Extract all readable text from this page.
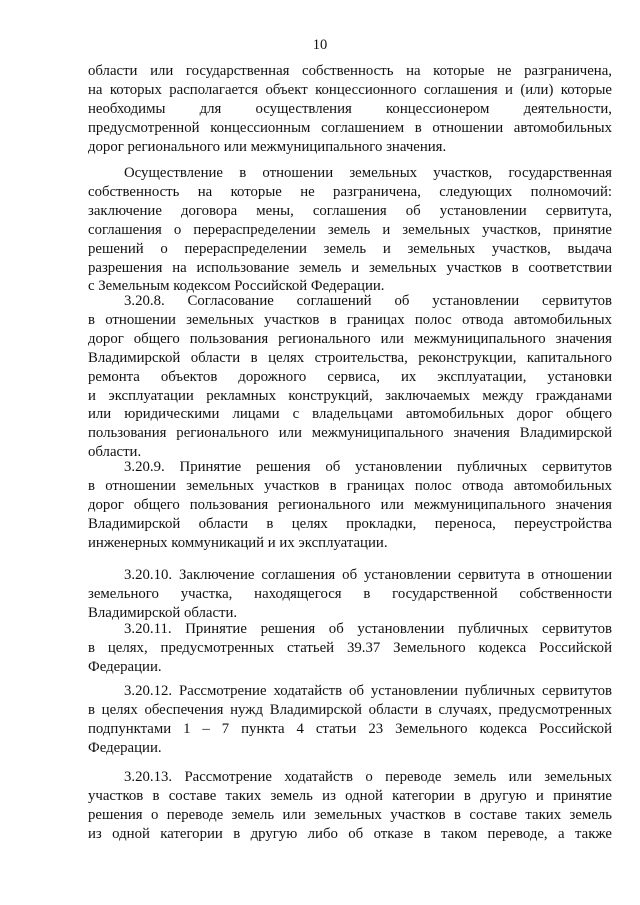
10
области или государственная собственность на которые не разграничена,
на которых располагается объект концессионного соглашения и (или) которые
необходимы для осуществления концессионером деятельности,
предусмотренной концессионным соглашением в отношении автомобильных
дорог регионального или межмуниципального значения.
Осуществление в отношении земельных участков, государственная
собственность на которые не разграничена, следующих полномочий:
заключение договора мены, соглашения об установлении сервитута,
соглашения о перераспределении земель и земельных участков, принятие
решений о перераспределении земель и земельных участков, выдача
разрешения на использование земель и земельных участков в соответствии
с Земельным кодексом Российской Федерации.
3.20.8. Согласование соглашений об установлении сервитутов
в отношении земельных участков в границах полос отвода автомобильных
дорог общего пользования регионального или межмуниципального значения
Владимирской области в целях строительства, реконструкции, капитального
ремонта объектов дорожного сервиса, их эксплуатации, установки
и эксплуатации рекламных конструкций, заключаемых между гражданами
или юридическими лицами с владельцами автомобильных дорог общего
пользования регионального или межмуниципального значения Владимирской
области.
3.20.9. Принятие решения об установлении публичных сервитутов
в отношении земельных участков в границах полос отвода автомобильных
дорог общего пользования регионального или межмуниципального значения
Владимирской области в целях прокладки, переноса, переустройства
инженерных коммуникаций и их эксплуатации.
3.20.10. Заключение соглашения об установлении сервитута в отношении
земельного участка, находящегося в государственной собственности
Владимирской области.
3.20.11. Принятие решения об установлении публичных сервитутов
в целях, предусмотренных статьей 39.37 Земельного кодекса Российской
Федерации.
3.20.12. Рассмотрение ходатайств об установлении публичных сервитутов
в целях обеспечения нужд Владимирской области в случаях, предусмотренных
подпунктами 1 – 7 пункта 4 статьи 23 Земельного кодекса Российской
Федерации.
3.20.13. Рассмотрение ходатайств о переводе земель или земельных
участков в составе таких земель из одной категории в другую и принятие
решения о переводе земель или земельных участков в составе таких земель
из одной категории в другую либо об отказе в таком переводе, а также
